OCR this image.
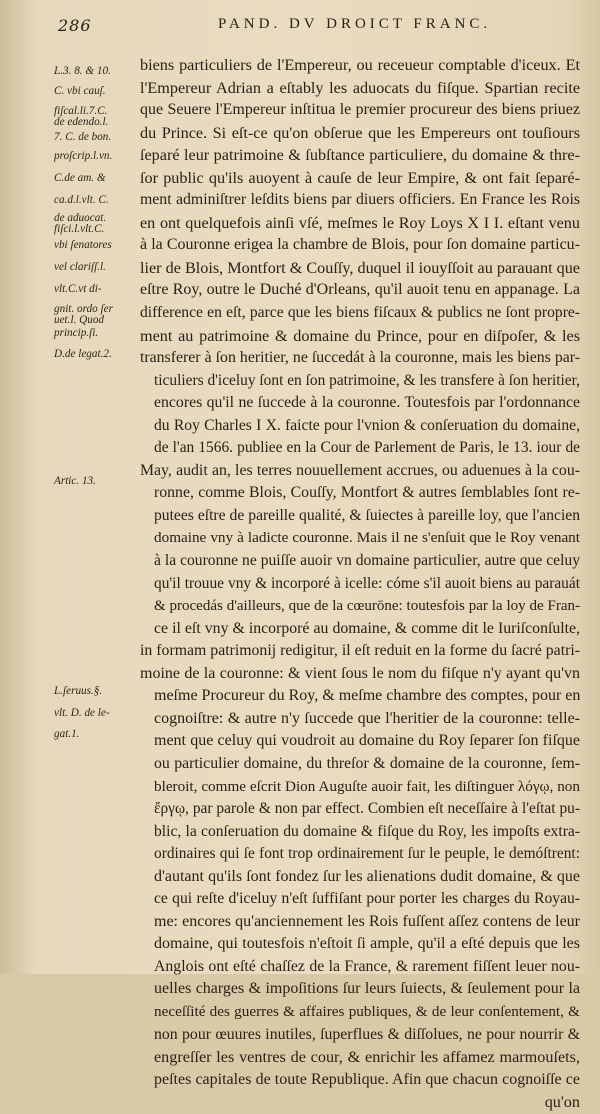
286	PAND. DV DROICT FRANC.
L.3. 8. & 10.
C. vbi cauſ.
fiſcal.li.7.C.
de edendo.l.
7. C. de bon.
proſcrip.l.vn.
C.de am. &
ca.d.l.vlt. C.
de aduocat.
fiſci.l.vlt.C.
vbi ſenatores
vel clariſſ.l.
vlt.C.vt di-
gnit. ordo ſer
uet.l. Quod
princip.ſi.
D.de legat.2.
Artic. 13.
L.ſeruus.§.
vlt. D. de le-
gat.1.
biens particuliers de l'Empereur, ou receueur comptable d'iceux. Et
l'Empereur Adrian a eſtably les aduocats du fiſque. Spartian recite
que Seuere l'Empereur inſtitua le premier procureur des biens priuez
du Prince. Si eſt-ce qu'on obſerue que les Empereurs ont touſiours
ſeparé leur patrimoine & ſubſtance particuliere, du domaine & thre-
ſor public qu'ils auoyent à cauſe de leur Empire, & ont fait ſeparé-
ment adminiſtrer leſdits biens par diuers officiers. En France les Rois
en ont quelquefois ainſi vſé, meſmes le Roy Loys X I I. eſtant venu
à la Couronne erigea la chambre de Blois, pour ſon domaine particu-
lier de Blois, Montfort & Couſſy, duquel il iouyſſoit au parauant que
eſtre Roy, outre le Duché d'Orleans, qu'il auoit tenu en appanage. La
difference en eſt, parce que les biens fiſcaux & publics ne ſont propre-
ment au patrimoine & domaine du Prince, pour en diſpoſer, & les
transferer à ſon heritier, ne ſuccedát à la couronne, mais les biens par-
ticuliers d'iceluy ſont en ſon patrimoine, & les transfere à ſon heritier,
encores qu'il ne ſuccede à la couronne. Toutesfois par l'ordonnance
du Roy Charles I X. faicte pour l'vnion & conſeruation du domaine,
de l'an 1566. publiee en la Cour de Parlement de Paris, le 13. iour de
May, audit an, les terres nouuellement accrues, ou aduenues à la cou-
ronne, comme Blois, Couſſy, Montfort & autres ſemblables ſont re-
putees eſtre de pareille qualité, & ſuiectes à pareille loy, que l'ancien
domaine vny à ladicte couronne. Mais il ne s'enſuit que le Roy venant
à la couronne ne puiſſe auoir vn domaine particulier, autre que celuy
qu'il trouue vny & incorporé à icelle: cóme s'il auoit biens au parauát
& procedás d'ailleurs, que de la cœurōne: toutesfois par la loy de Fran-
ce il eſt vny & incorporé au domaine, & comme dit le Iuriſconſulte,
in formam patrimonij redigitur, il eſt reduit en la forme du ſacré patri-
moine de la couronne: & vient ſous le nom du fiſque n'y ayant qu'vn
meſme Procureur du Roy, & meſme chambre des comptes, pour en
cognoiſtre: & autre n'y ſuccede que l'heritier de la couronne: telle-
ment que celuy qui voudroit au domaine du Roy ſeparer ſon fiſque
ou particulier domaine, du threſor & domaine de la couronne, ſem-
bleroit, comme eſcrit Dion Auguſte auoir fait, les diſtinguer λόγῳ, non
ἔργῳ, par parole & non par effect. Combien eſt neceſſaire à l'eſtat pu-
blic, la conſeruation du domaine & fiſque du Roy, les impoſts extra-
ordinaires qui ſe font trop ordinairement ſur le peuple, le demóſtrent:
d'autant qu'ils ſont fondez ſur les alienations dudit domaine, & que
ce qui reſte d'iceluy n'eſt ſuffiſant pour porter les charges du Royau-
me: encores qu'anciennement les Rois fuſſent aſſez contens de leur
domaine, qui toutesfois n'eſtoit ſi ample, qu'il a eſté depuis que les
Anglois ont eſté chaſſez de la France, & rarement fiſſent leuer nou-
uelles charges & impoſitions ſur leurs ſuiects, & ſeulement pour la
neceſſité des guerres & affaires publiques, & de leur conſentement, &
non pour œuures inutiles, ſuperflues & diſſolues, ne pour nourrir &
engreſſer les ventres de cour, & enrichir les affamez marmouſets,
peſtes capitales de toute Republique. Afin que chacun cognoiſſe ce
qu'on
